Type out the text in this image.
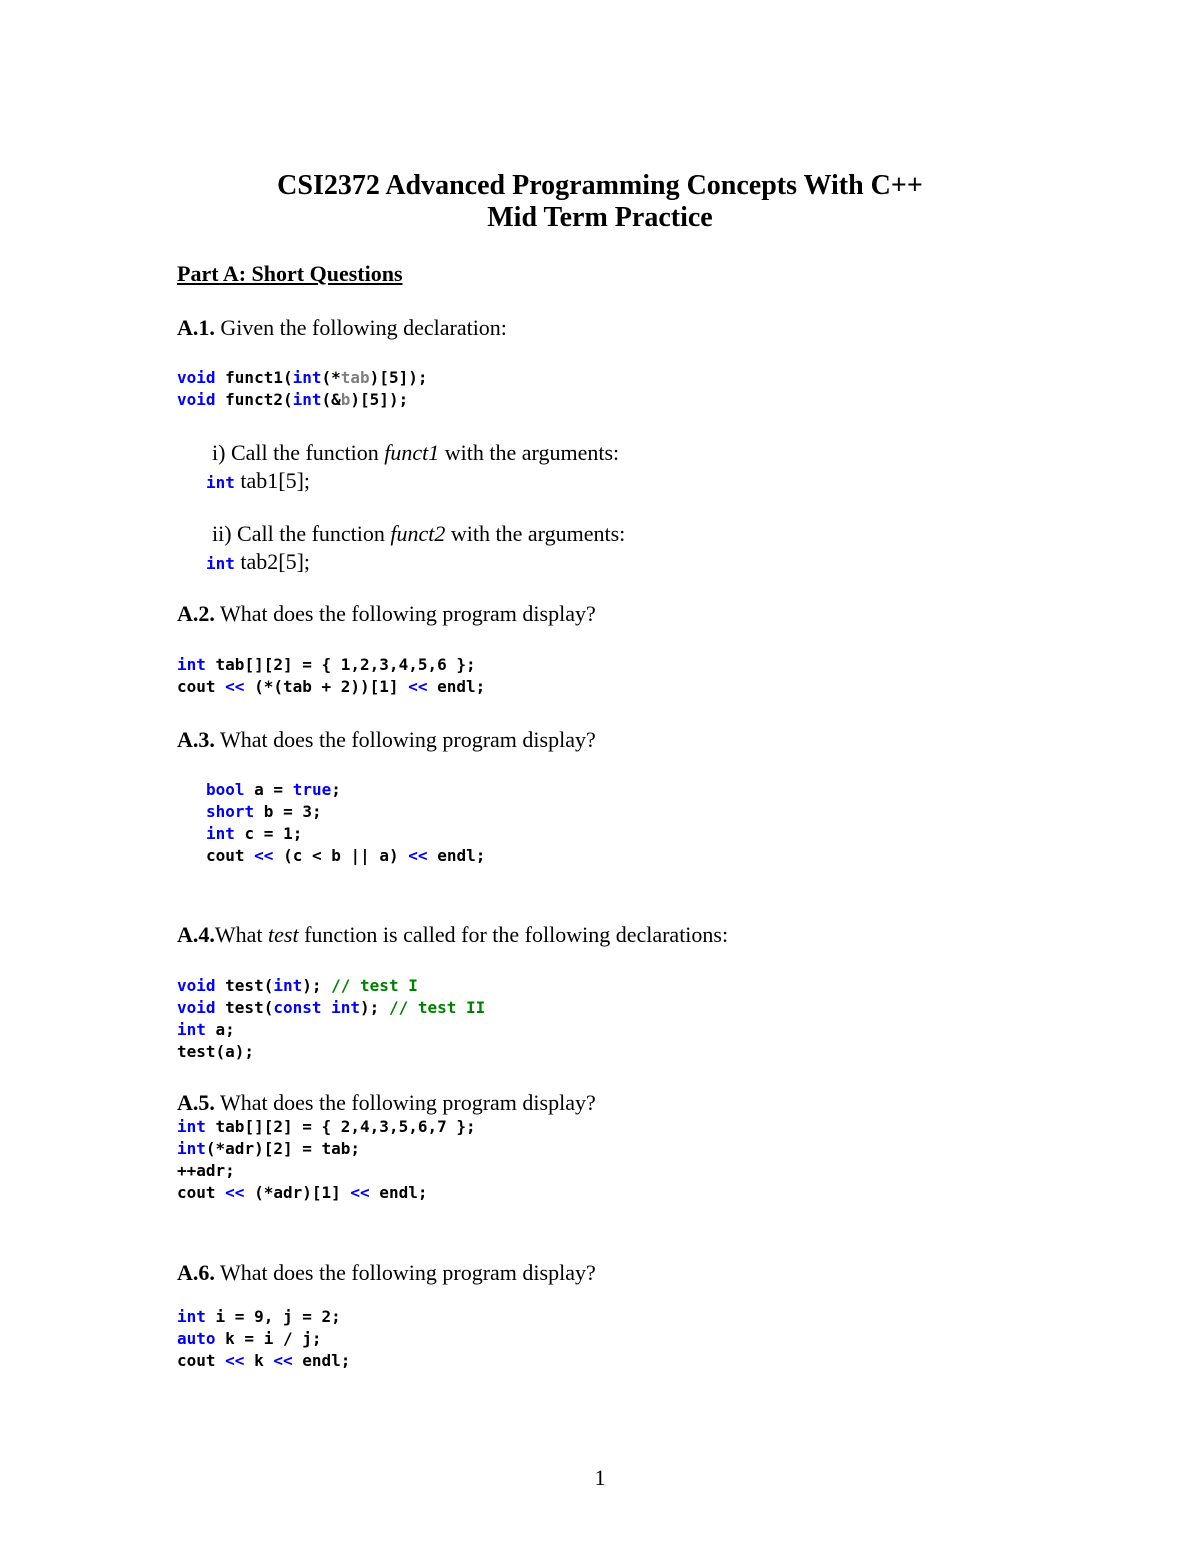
CSI2372 Advanced Programming Concepts With C++
Mid Term Practice
Part A: Short Questions
A.1. Given the following declaration:
void funct1(int(*tab)[5]);
void funct2(int(&b)[5]);
i) Call the function funct1 with the arguments:
int tab1[5];
ii) Call the function funct2 with the arguments:
int tab2[5];
A.2. What does the following program display?
int tab[][2] = { 1,2,3,4,5,6 };
cout << (*(tab + 2))[1] << endl;
A.3. What does the following program display?
bool a = true;
short b = 3;
int c = 1;
cout << (c < b || a) << endl;
A.4.What test function is called for the following declarations:
void test(int); // test I
void test(const int); // test II
int a;
test(a);
A.5. What does the following program display?
int tab[][2] = { 2,4,3,5,6,7 };
int(*adr)[2] = tab;
++adr;
cout << (*adr)[1] << endl;
A.6. What does the following program display?
int i = 9, j = 2;
auto k = i / j;
cout << k << endl;
1
